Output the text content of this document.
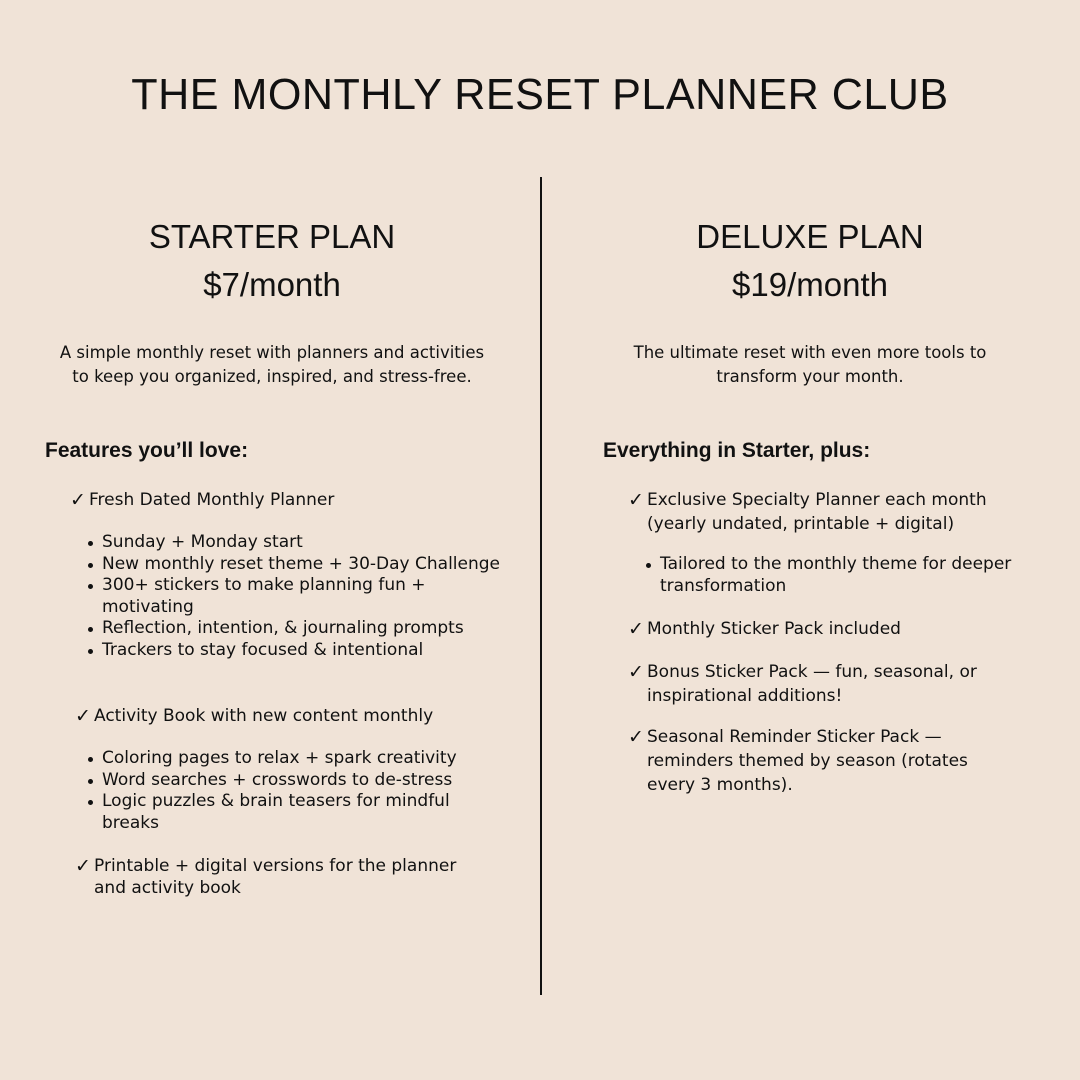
THE MONTHLY RESET PLANNER CLUB
STARTER PLAN
$7/month
A simple monthly reset with planners and activities
to keep you organized, inspired, and stress-free.
Features you’ll love:
✓ Fresh Dated Monthly Planner
Sunday + Monday start
New monthly reset theme + 30-Day Challenge
300+ stickers to make planning fun + motivating
Reflection, intention, & journaling prompts
Trackers to stay focused & intentional
✓ Activity Book with new content monthly
Coloring pages to relax + spark creativity
Word searches + crosswords to de-stress
Logic puzzles & brain teasers for mindful breaks
✓ Printable + digital versions for the planner and activity book
DELUXE PLAN
$19/month
The ultimate reset with even more tools to
transform your month.
Everything in Starter, plus:
✓ Exclusive Specialty Planner each month (yearly undated, printable + digital)
Tailored to the monthly theme for deeper transformation
✓ Monthly Sticker Pack included
✓ Bonus Sticker Pack — fun, seasonal, or inspirational additions!
✓ Seasonal Reminder Sticker Pack — reminders themed by season (rotates every 3 months).
